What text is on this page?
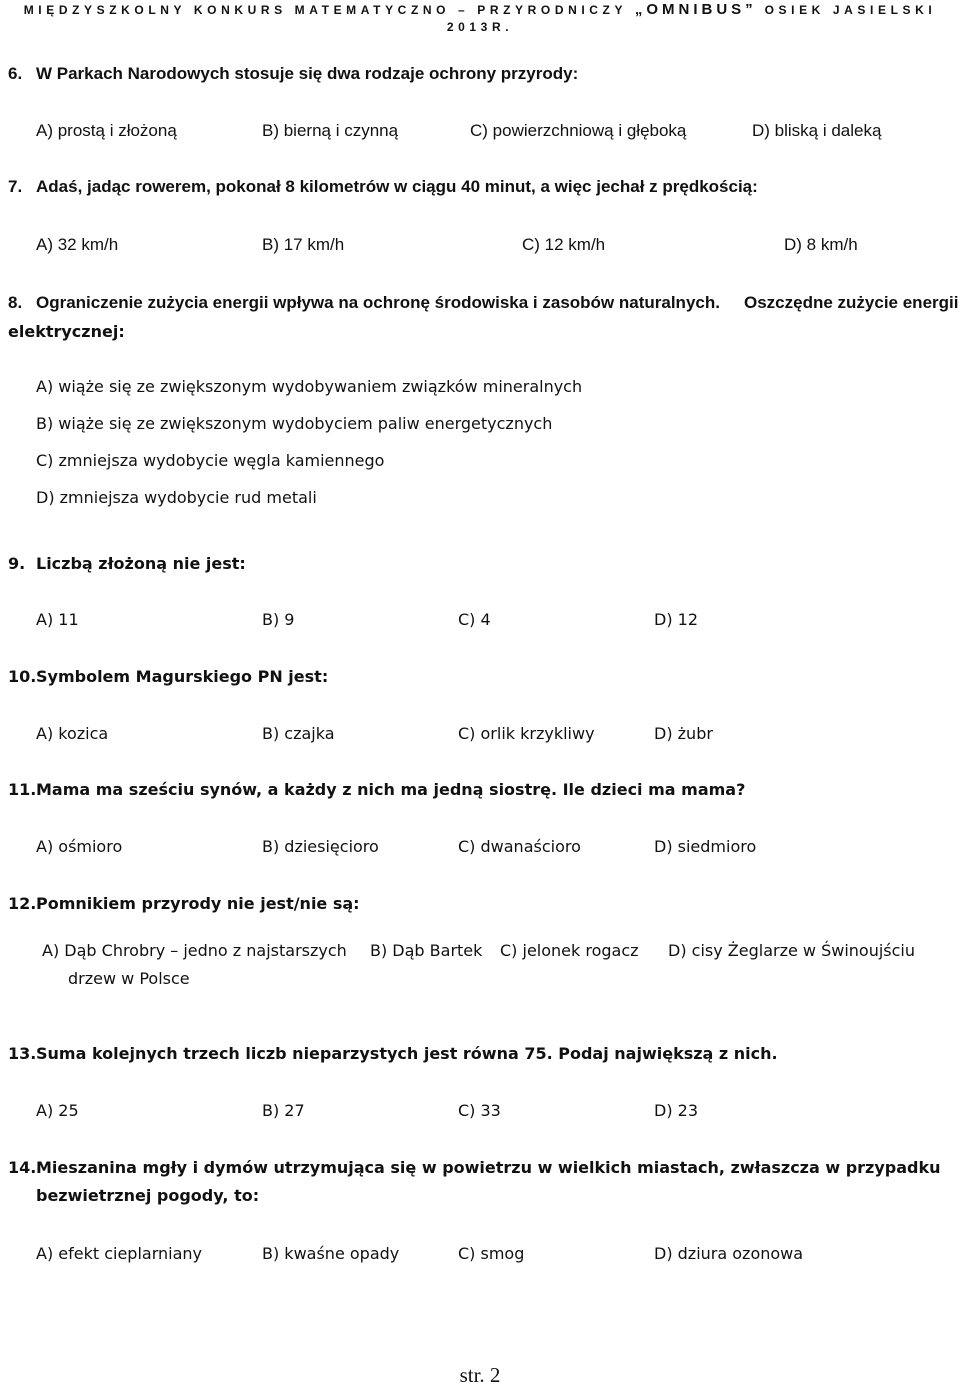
MIĘDZYSZKOLNY KONKURS MATEMATYCZNO – PRZYRODNICZY „OMNIBUS” OSIEK JASIELSKI
2013R.
6. W Parkach Narodowych stosuje się dwa rodzaje ochrony przyrody:
A) prostą i złożoną	B) bierną i czynną	C) powierzchniową i głęboką	D) bliską i daleką
7. Adaś, jadąc rowerem, pokonał 8 kilometrów w ciągu 40 minut, a więc jechał z prędkością:
A) 32 km/h	B) 17 km/h	C) 12 km/h	D) 8 km/h
8. Ograniczenie zużycia energii wpływa na ochronę środowiska i zasobów naturalnych. Oszczędne zużycie energii
elektrycznej:
A) wiąże się ze zwiększonym wydobywaniem związków mineralnych
B) wiąże się ze zwiększonym wydobyciem paliw energetycznych
C) zmniejsza wydobycie węgla kamiennego
D) zmniejsza wydobycie rud metali
9. Liczbą złożoną nie jest:
A) 11	B) 9	C) 4	D) 12
10.Symbolem Magurskiego PN jest:
A) kozica	B) czajka	C) orlik krzykliwy	D) żubr
11.Mama ma sześciu synów, a każdy z nich ma jedną siostrę. Ile dzieci ma mama?
A) ośmioro	B) dziesięcioro	C) dwanaścioro	D) siedmioro
12.Pomnikiem przyrody nie jest/nie są:
A) Dąb Chrobry – jedno z najstarszych
drzew w Polsce
B) Dąb Bartek C) jelonek rogacz D) cisy Żeglarze w Świnoujściu
13.Suma kolejnych trzech liczb nieparzystych jest równa 75. Podaj największą z nich.
A) 25	B) 27	C) 33	D) 23
14.Mieszanina mgły i dymów utrzymująca się w powietrzu w wielkich miastach, zwłaszcza w przypadku
bezwietrznej pogody, to:
A) efekt cieplarniany	B) kwaśne opady	C) smog	D) dziura ozonowa
str. 2
